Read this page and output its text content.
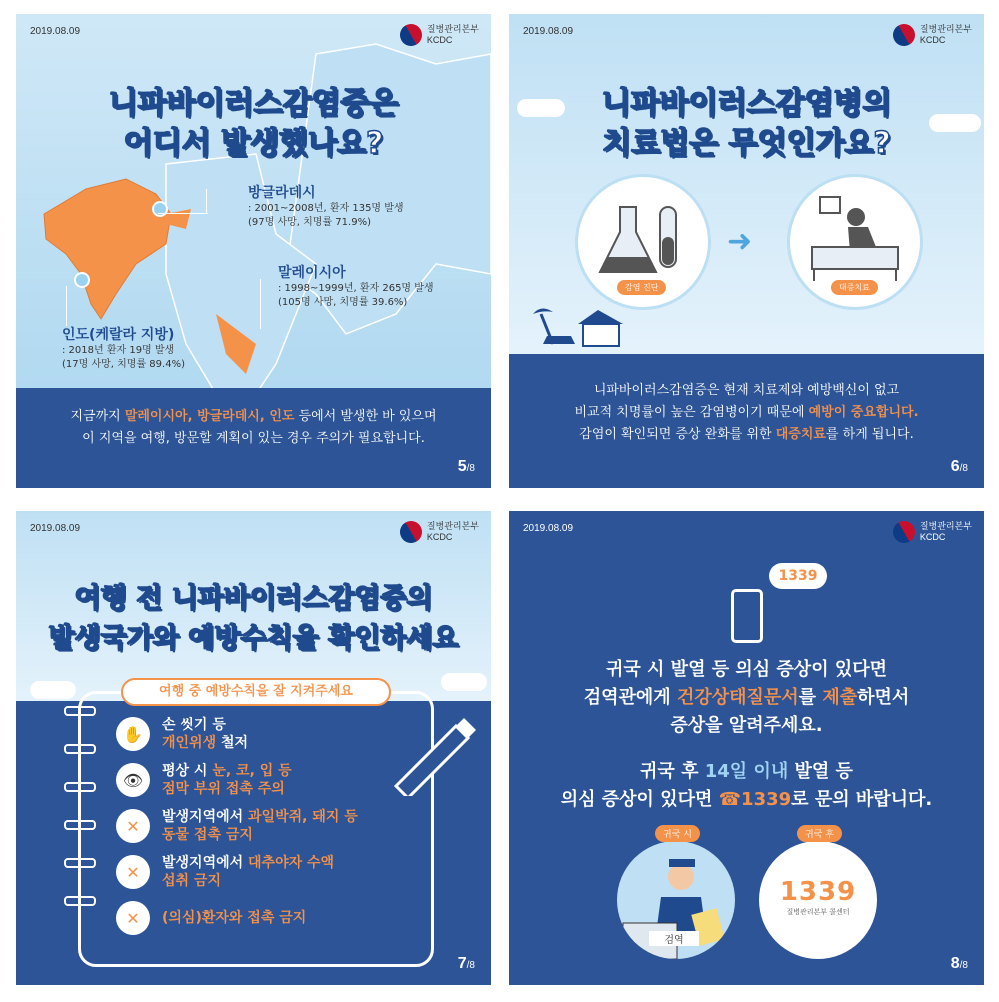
2019.08.09	질병관리본부
KCDC
니파바이러스감염증은
어디서 발생했나요?
방글라데시
: 2001~2008년, 환자 135명 발생
(97명 사망, 치명률 71.9%)
말레이시아
: 1998~1999년, 환자 265명 발생
(105명 사망, 치명률 39.6%)
인도(케랄라 지방)
: 2018년 환자 19명 발생
(17명 사망, 치명률 89.4%)
지금까지 말레이시아, 방글라데시, 인도 등에서 발생한 바 있으며
이 지역을 여행, 방문할 계획이 있는 경우 주의가 필요합니다.
5/8
2019.08.09	질병관리본부
KCDC
니파바이러스감염병의
치료법은 무엇인가요?
감염 진단
➜
대증치료
니파바이러스감염증은 현재 치료제와 예방백신이 없고
비교적 치명률이 높은 감염병이기 때문에 예방이 중요합니다.
감염이 확인되면 증상 완화를 위한 대증치료를 하게 됩니다.
6/8
2019.08.09	질병관리본부
KCDC
여행 전 니파바이러스감염증의
발생국가와 예방수칙을 확인하세요
여행 중 예방수칙을 잘 지켜주세요
✋	손 씻기 등
개인위생 철저
👁	평상 시 눈, 코, 입 등
점막 부위 접촉 주의
✕	발생지역에서 과일박쥐, 돼지 등
동물 접촉 금지
✕	발생지역에서 대추야자 수액
섭취 금지
✕	(의심)환자와 접촉 금지
7/8
2019.08.09	질병관리본부
KCDC
1339
귀국 시 발열 등 의심 증상이 있다면
검역관에게 건강상태질문서를 제출하면서
증상을 알려주세요.
귀국 후 14일 이내 발열 등
의심 증상이 있다면 ☎1339로 문의 바랍니다.
검역
귀국 시
1339
질병관리본부 콜센터
귀국 후
8/8
